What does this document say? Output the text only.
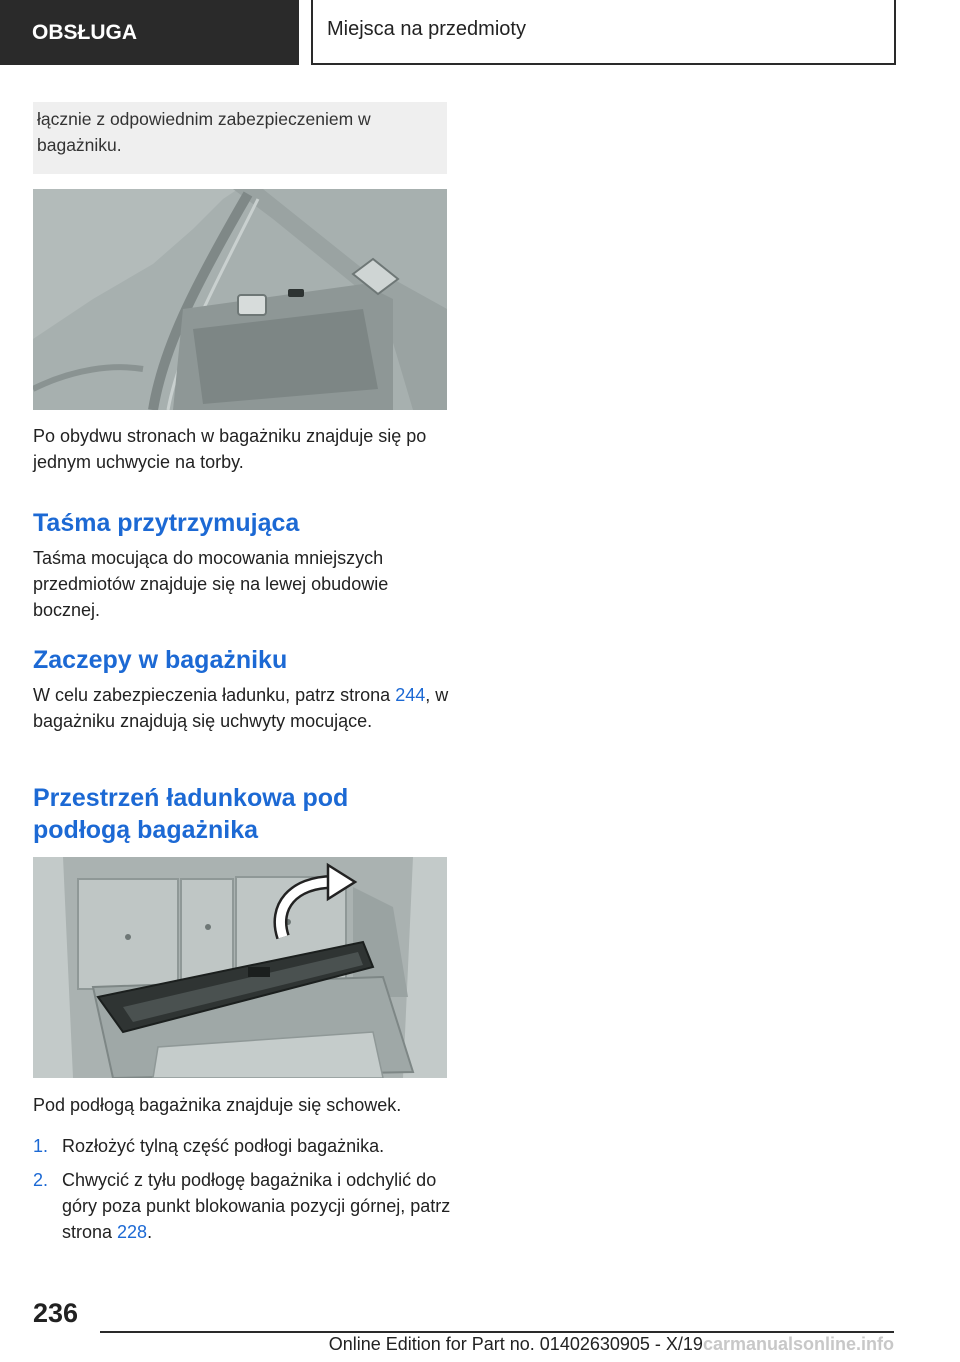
OBSŁUGA	Miejsca na przedmioty
łącznie z odpowiednim zabezpieczeniem w bagażniku.
Po obydwu stronach w bagażniku znajduje się po jednym uchwycie na torby.
Taśma przytrzymująca
Taśma mocująca do mocowania mniejszych przedmiotów znajduje się na lewej obudowie bocznej.
Zaczepy w bagażniku
W celu zabezpieczenia ładunku, patrz strona 244, w bagażniku znajdują się uchwyty mocujące.
Przestrzeń ładunkowa pod podłogą bagażnika
Pod podłogą bagażnika znajduje się schowek.
1. Rozłożyć tylną część podłogi bagażnika.
2. Chwycić z tyłu podłogę bagażnika i odchylić do góry poza punkt blokowania pozycji górnej, patrz strona 228.
236
Online Edition for Part no. 01402630905 - X/19carmanualsonline.info
